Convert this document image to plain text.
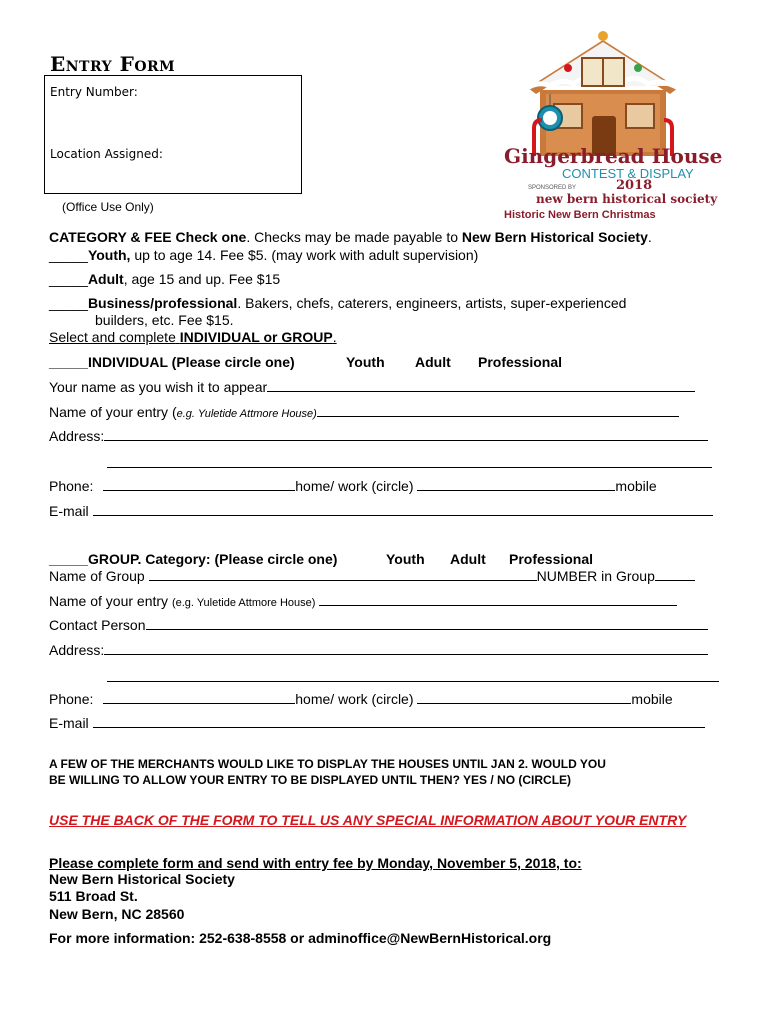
Entry Form
Entry Number:
Location Assigned:
(Office Use Only)
Gingerbread House
CONTEST & DISPLAY
SPONSORED BY	2018
new bern historical society
Historic New Bern Christmas
CATEGORY & FEE Check one. Checks may be made payable to New Bern Historical Society.
_____Youth, up to age 14. Fee $5. (may work with adult supervision)
_____Adult, age 15 and up. Fee $15
_____Business/professional. Bakers, chefs, caterers, engineers, artists, super-experienced
builders, etc. Fee $15.
Select and complete INDIVIDUAL or GROUP.
_____INDIVIDUAL (Please circle one)	Youth Adult Professional
Your name as you wish it to appear
Name of your entry (e.g. Yuletide Attmore House)
Address:
Phone:	home/ work (circle)	mobile
E-mail
_____GROUP. Category: (Please circle one)	Youth Adult Professional
Name of Group	NUMBER in Group
Name of your entry (e.g. Yuletide Attmore House)
Contact Person
Address:
Phone:	home/ work (circle)	mobile
E-mail
A FEW OF THE MERCHANTS WOULD LIKE TO DISPLAY THE HOUSES UNTIL JAN 2. WOULD YOU
BE WILLING TO ALLOW YOUR ENTRY TO BE DISPLAYED UNTIL THEN? YES / NO (CIRCLE)
USE THE BACK OF THE FORM TO TELL US ANY SPECIAL INFORMATION ABOUT YOUR ENTRY
Please complete form and send with entry fee by Monday, November 5, 2018, to:
New Bern Historical Society
511 Broad St.
New Bern, NC 28560
For more information: 252-638-8558 or adminoffice@NewBernHistorical.org
